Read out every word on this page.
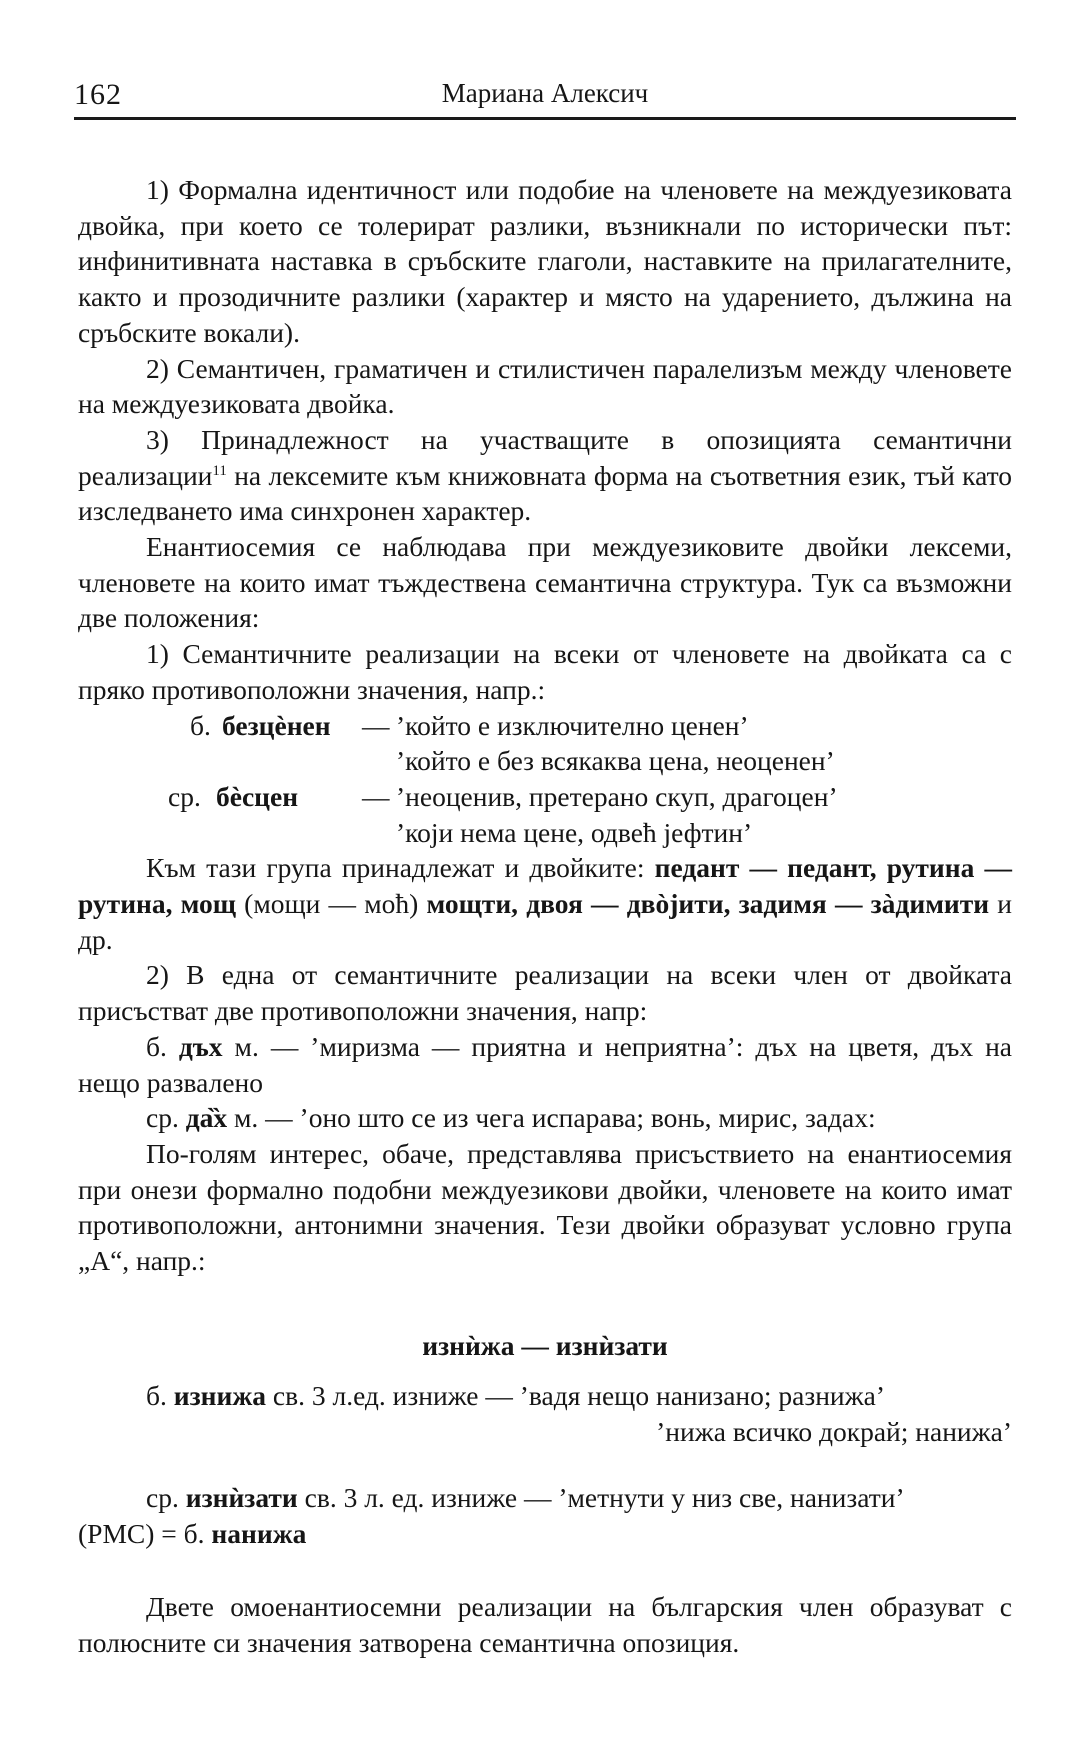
162	Мариана Алексич

1) Формална идентичност или подобие на членовете на междуезиковата двойка, при което се толерират разлики, възникнали по исторически път: инфинитивната наставка в сръбските глаголи, наставките на прилагателните, както и прозодичните разлики (характер и място на ударението, дължина на сръбските вокали).

2) Семантичен, граматичен и стилистичен паралелизъм между членовете на междуезиковата двойка.

3) Принадлежност на участващите в опозицията семантични реализации$^{11}$ на лексемите към книжовната форма на съответния език, тъй като изследването има синхронен характер.

Енантиосемия се наблюдава при междуезиковите двойки лексеми, членовете на които имат тъждествена семантична структура. Тук са възможни две положения:

1) Семантичните реализации на всеки от членовете на двойката са с пряко противоположни значения, напр.:

б. безцѐнен — ’който е изключително ценен’
’който е без всякаква цена, неоценен’
ср. бѐсцен — ’неоценив, претерано скуп, драгоцен’
’који нема цене, одвећ јефтин’

Към тази група принадлежат и двойките: педант — педант, рутина — рутина, мощ (мощи — моћ) мощти, двоя — двòјити, задимя — зàдимити и др.

2) В една от семантичните реализации на всеки член от двойката присъстват две противоположни значения, напр:

б. дъх м. — ’миризма — приятна и неприятна’: дъх на цветя, дъх на нещо развалено

ср. да̏х м. — ’оно што се из чега испарава; вонь, мирис, задах:

По-голям интерес, обаче, представлява присъствието на енантиосемия при онези формално подобни междуезикови двойки, членовете на които имат противоположни, антонимни значения. Тези двойки образуват условно група „А“, напр.:

изнѝжа — изнѝзати

б. изнижа св. 3 л.ед. изниже — ’вадя нещо нанизано; разнижа’

’нижа всичко докрай; нанижа’

ср. изнѝзати св. 3 л. ед. изниже — ’метнути у низ све, нанизати’

(РМС) = б. нанижа

Двете омоенантиосемни реализации на българския член образуват с полюсните си значения затворена семантична опозиция.
